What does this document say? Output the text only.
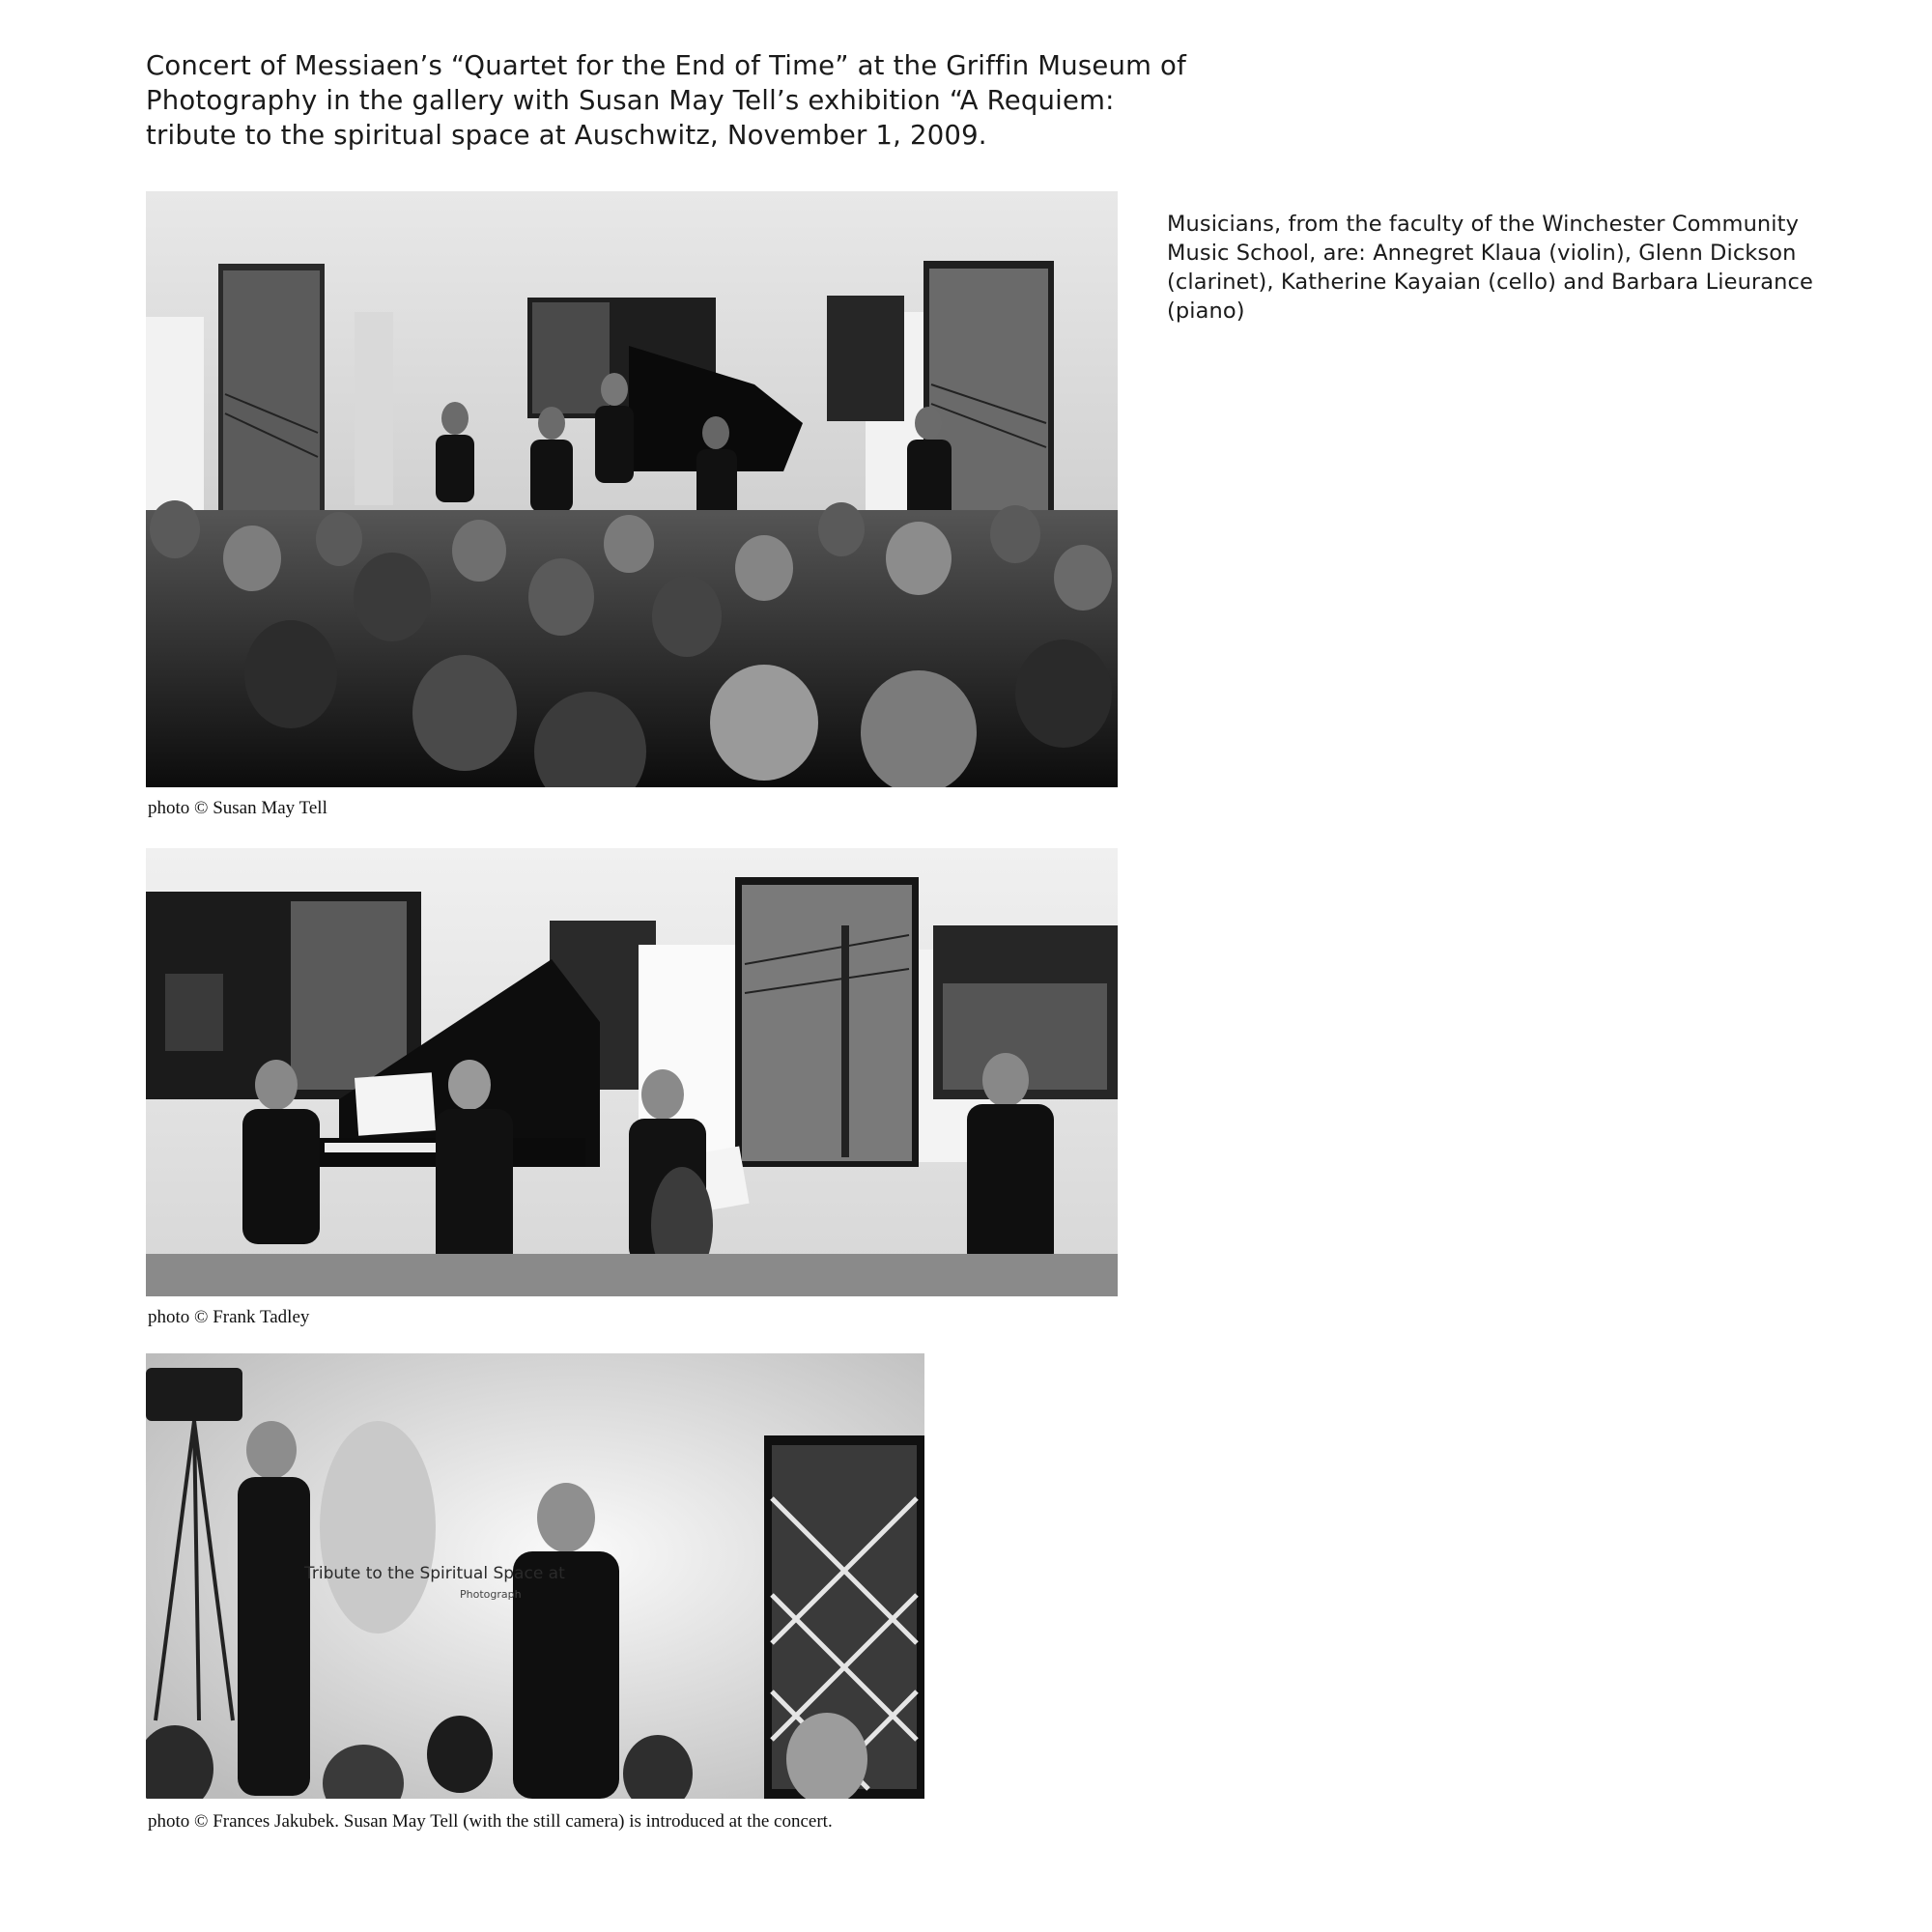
Concert of Messiaen’s “Quartet for the End of Time” at the Griffin Museum of Photography in the gallery with Susan May Tell’s exhibition “A Requiem: tribute to the spiritual space at Auschwitz, November 1, 2009.

Musicians, from the faculty of the Winchester Community Music School, are: Annegret Klaua (violin), Glenn Dickson (clarinet), Katherine Kayaian (cello) and Barbara Lieurance (piano)

photo © Susan May Tell
photo © Frank Tadley
Tribute to the Spiritual Space at
Photograph
photo © Frances Jakubek. Susan May Tell (with the still camera) is introduced at the concert.
